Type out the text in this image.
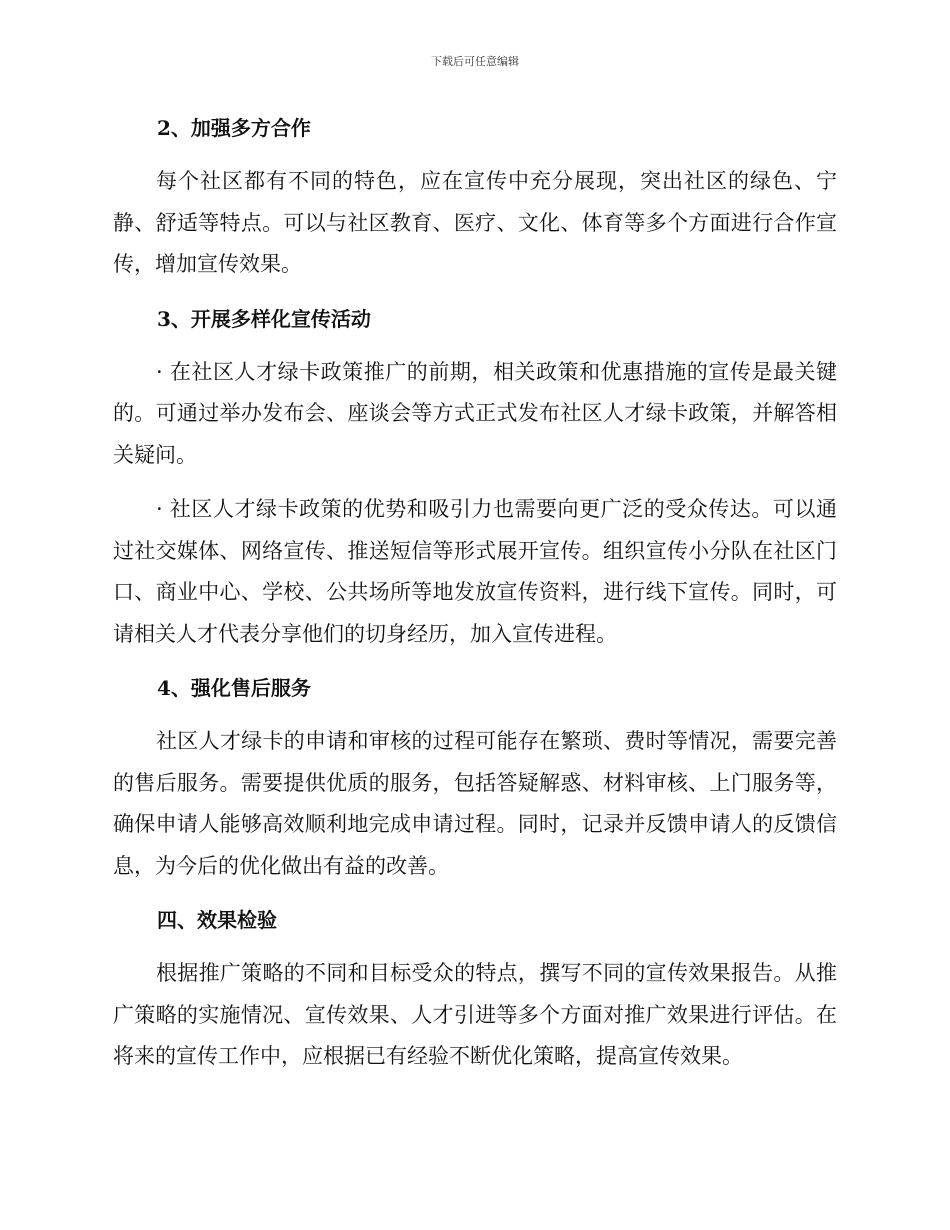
下载后可任意编辑
2、加强多方合作

每个社区都有不同的特色，应在宣传中充分展现，突出社区的绿色、宁静、舒适等特点。可以与社区教育、医疗、文化、体育等多个方面进行合作宣传，增加宣传效果。

3、开展多样化宣传活动

· 在社区人才绿卡政策推广的前期，相关政策和优惠措施的宣传是最关键的。可通过举办发布会、座谈会等方式正式发布社区人才绿卡政策，并解答相关疑问。

· 社区人才绿卡政策的优势和吸引力也需要向更广泛的受众传达。可以通过社交媒体、网络宣传、推送短信等形式展开宣传。组织宣传小分队在社区门口、商业中心、学校、公共场所等地发放宣传资料，进行线下宣传。同时，可请相关人才代表分享他们的切身经历，加入宣传进程。

4、强化售后服务

社区人才绿卡的申请和审核的过程可能存在繁琐、费时等情况，需要完善的售后服务。需要提供优质的服务，包括答疑解惑、材料审核、上门服务等，确保申请人能够高效顺利地完成申请过程。同时，记录并反馈申请人的反馈信息，为今后的优化做出有益的改善。

四、效果检验

根据推广策略的不同和目标受众的特点，撰写不同的宣传效果报告。从推广策略的实施情况、宣传效果、人才引进等多个方面对推广效果进行评估。在将来的宣传工作中，应根据已有经验不断优化策略，提高宣传效果。
